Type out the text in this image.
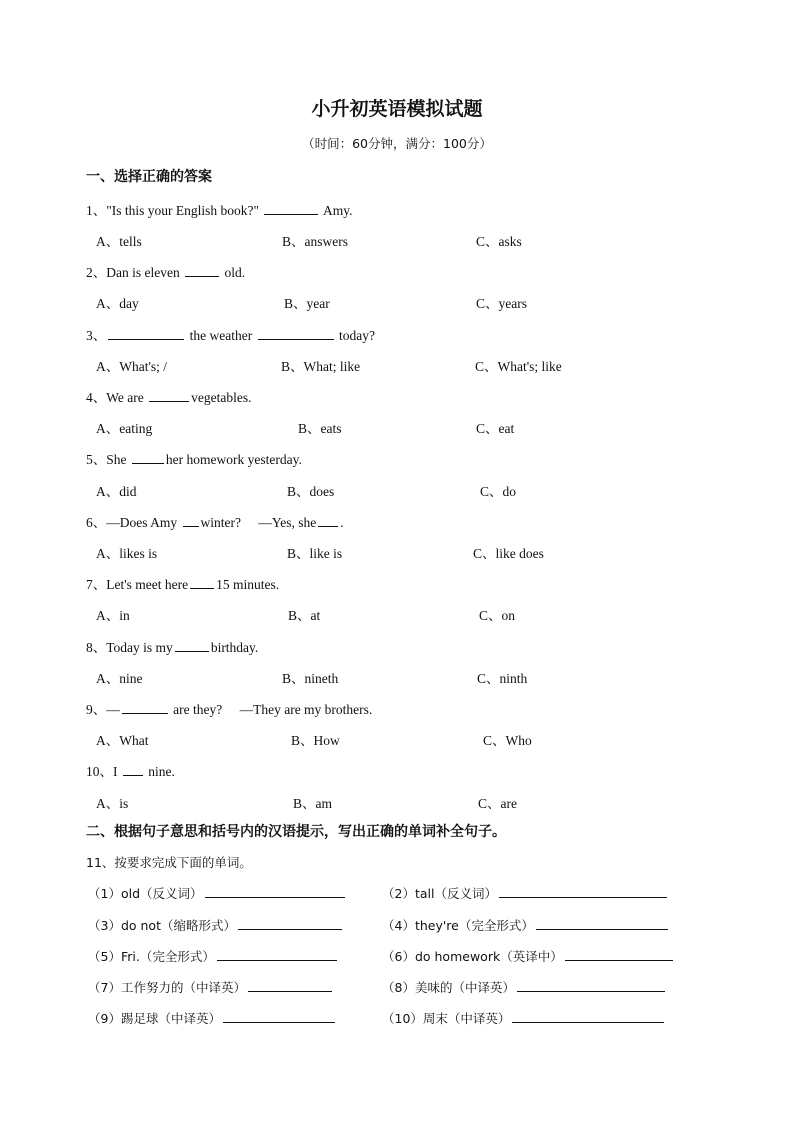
小升初英语模拟试题
（时间：60分钟，满分：100分）
一、选择正确的答案
1、"Is this your English book?"	Amy.
A、tells	B、answers	C、asks
2、Dan is eleven	old.
A、day	B、year	C、years
3、	the weather	today?
A、What's; /	B、What; like	C、What's; like
4、We are	vegetables.
A、eating	B、eats	C、eat
5、She	her homework yesterday.
A、did	B、does	C、do
6、—Does Amy winter? —Yes, she .
A、likes is	B、like is	C、like does
7、Let's meet here 15 minutes.
A、in	B、at	C、on
8、Today is my	birthday.
A、nine	B、nineth	C、ninth
9、—	are they? —They are my brothers.
A、What	B、How	C、Who
10、I nine.
A、is	B、am	C、are
二、根据句子意思和括号内的汉语提示，写出正确的单词补全句子。
11、按要求完成下面的单词。
（1）old（反义词）	（2）tall（反义词）
（3）do not（缩略形式）	（4）they're（完全形式）
（5）Fri.（完全形式）	（6）do homework（英译中）
（7）工作努力的（中译英）	（8）美味的（中译英）
（9）踢足球（中译英）	（10）周末（中译英）
